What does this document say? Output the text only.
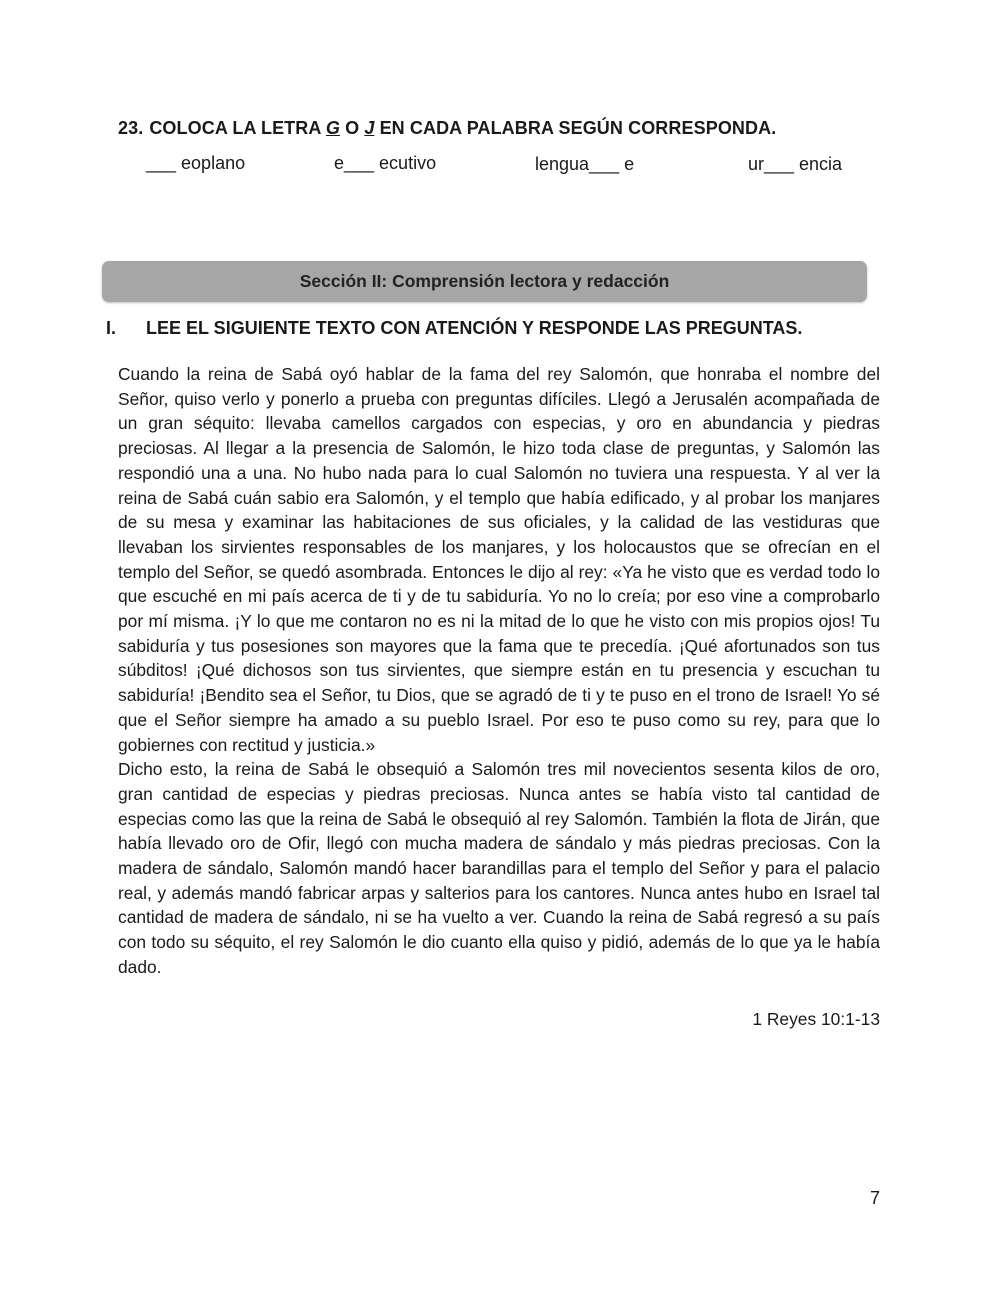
23. COLOCA LA LETRA G O J EN CADA PALABRA SEGÚN CORRESPONDA.
___ eoplano	e___ ecutivo	lengua___ e	ur___ encia
Sección II: Comprensión lectora y redacción
I. LEE EL SIGUIENTE TEXTO CON ATENCIÓN Y RESPONDE LAS PREGUNTAS.

Cuando la reina de Sabá oyó hablar de la fama del rey Salomón, que honraba el nombre del Señor, quiso verlo y ponerlo a prueba con preguntas difíciles. Llegó a Jerusalén acompañada de un gran séquito: llevaba camellos cargados con especias, y oro en abundancia y piedras preciosas. Al llegar a la presencia de Salomón, le hizo toda clase de preguntas, y Salomón las respondió una a una. No hubo nada para lo cual Salomón no tuviera una respuesta. Y al ver la reina de Sabá cuán sabio era Salomón, y el templo que había edificado, y al probar los manjares de su mesa y examinar las habitaciones de sus oficiales, y la calidad de las vestiduras que llevaban los sirvientes responsables de los manjares, y los holocaustos que se ofrecían en el templo del Señor, se quedó asombrada. Entonces le dijo al rey: «Ya he visto que es verdad todo lo que escuché en mi país acerca de ti y de tu sabiduría. Yo no lo creía; por eso vine a comprobarlo por mí misma. ¡Y lo que me contaron no es ni la mitad de lo que he visto con mis propios ojos! Tu sabiduría y tus posesiones son mayores que la fama que te precedía. ¡Qué afortunados son tus súbditos! ¡Qué dichosos son tus sirvientes, que siempre están en tu presencia y escuchan tu sabiduría! ¡Bendito sea el Señor, tu Dios, que se agradó de ti y te puso en el trono de Israel! Yo sé que el Señor siempre ha amado a su pueblo Israel. Por eso te puso como su rey, para que lo gobiernes con rectitud y justicia.»

Dicho esto, la reina de Sabá le obsequió a Salomón tres mil novecientos sesenta kilos de oro, gran cantidad de especias y piedras preciosas. Nunca antes se había visto tal cantidad de especias como las que la reina de Sabá le obsequió al rey Salomón. También la flota de Jirán, que había llevado oro de Ofir, llegó con mucha madera de sándalo y más piedras preciosas. Con la madera de sándalo, Salomón mandó hacer barandillas para el templo del Señor y para el palacio real, y además mandó fabricar arpas y salterios para los cantores. Nunca antes hubo en Israel tal cantidad de madera de sándalo, ni se ha vuelto a ver. Cuando la reina de Sabá regresó a su país con todo su séquito, el rey Salomón le dio cuanto ella quiso y pidió, además de lo que ya le había dado.

1 Reyes 10:1-13
7
